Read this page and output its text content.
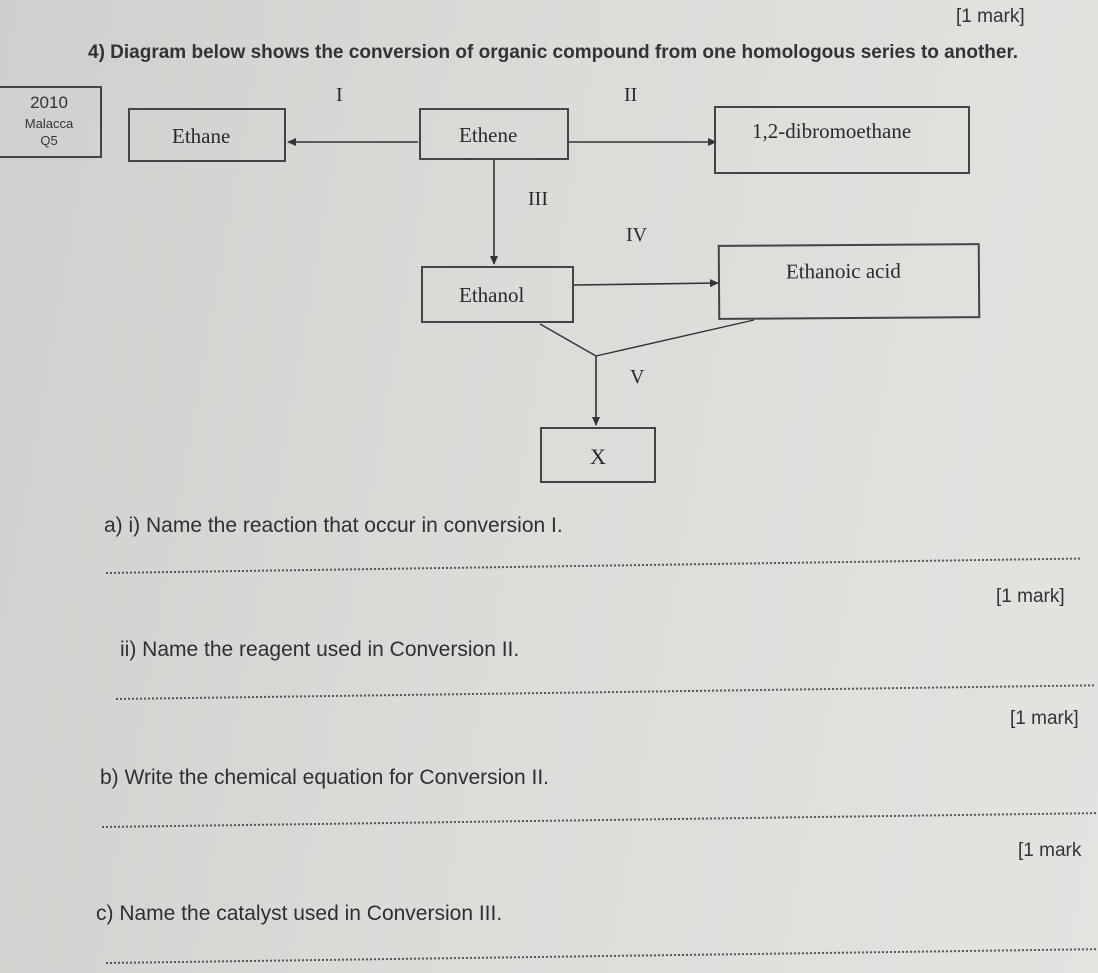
[1 mark]
4) Diagram below shows the conversion of organic compound from one homologous series to another.
2010
Malacca
Q5	Ethane	Ethene	1,2-dibromoethane
Ethanol
Ethanoic acid
X
I	II
III
IV
V
a) i) Name the reaction that occur in conversion I.
[1 mark]
ii) Name the reagent used in Conversion II.
[1 mark]
b) Write the chemical equation for Conversion II.
[1 mark
c) Name the catalyst used in Conversion III.
